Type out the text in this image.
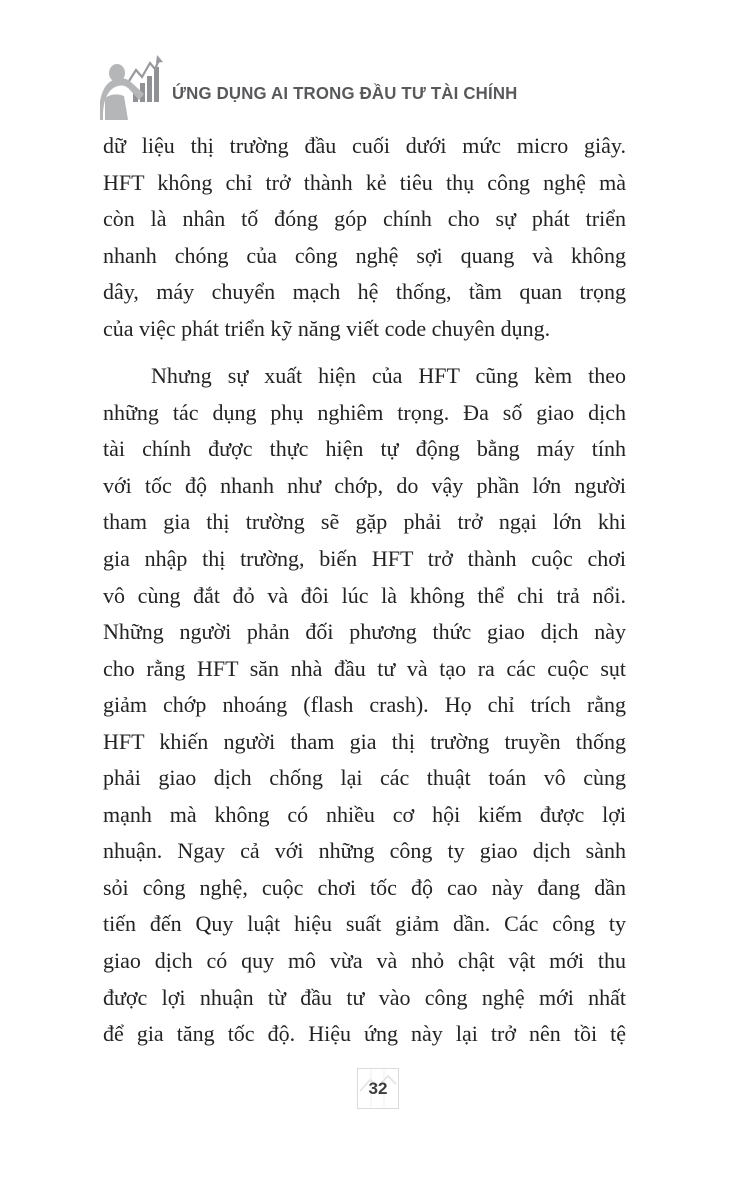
ỨNG DỤNG AI TRONG ĐẦU TƯ TÀI CHÍNH
dữ liệu thị trường đầu cuối dưới mức micro giây.
HFT không chỉ trở thành kẻ tiêu thụ công nghệ mà
còn là nhân tố đóng góp chính cho sự phát triển
nhanh chóng của công nghệ sợi quang và không
dây, máy chuyển mạch hệ thống, tầm quan trọng
của việc phát triển kỹ năng viết code chuyên dụng.
Nhưng sự xuất hiện của HFT cũng kèm theo
những tác dụng phụ nghiêm trọng. Đa số giao dịch
tài chính được thực hiện tự động bằng máy tính
với tốc độ nhanh như chớp, do vậy phần lớn người
tham gia thị trường sẽ gặp phải trở ngại lớn khi
gia nhập thị trường, biến HFT trở thành cuộc chơi
vô cùng đắt đỏ và đôi lúc là không thể chi trả nổi.
Những người phản đối phương thức giao dịch này
cho rằng HFT săn nhà đầu tư và tạo ra các cuộc sụt
giảm chớp nhoáng (flash crash). Họ chỉ trích rằng
HFT khiến người tham gia thị trường truyền thống
phải giao dịch chống lại các thuật toán vô cùng
mạnh mà không có nhiều cơ hội kiếm được lợi
nhuận. Ngay cả với những công ty giao dịch sành
sỏi công nghệ, cuộc chơi tốc độ cao này đang dần
tiến đến Quy luật hiệu suất giảm dần. Các công ty
giao dịch có quy mô vừa và nhỏ chật vật mới thu
được lợi nhuận từ đầu tư vào công nghệ mới nhất
để gia tăng tốc độ. Hiệu ứng này lại trở nên tồi tệ
32
